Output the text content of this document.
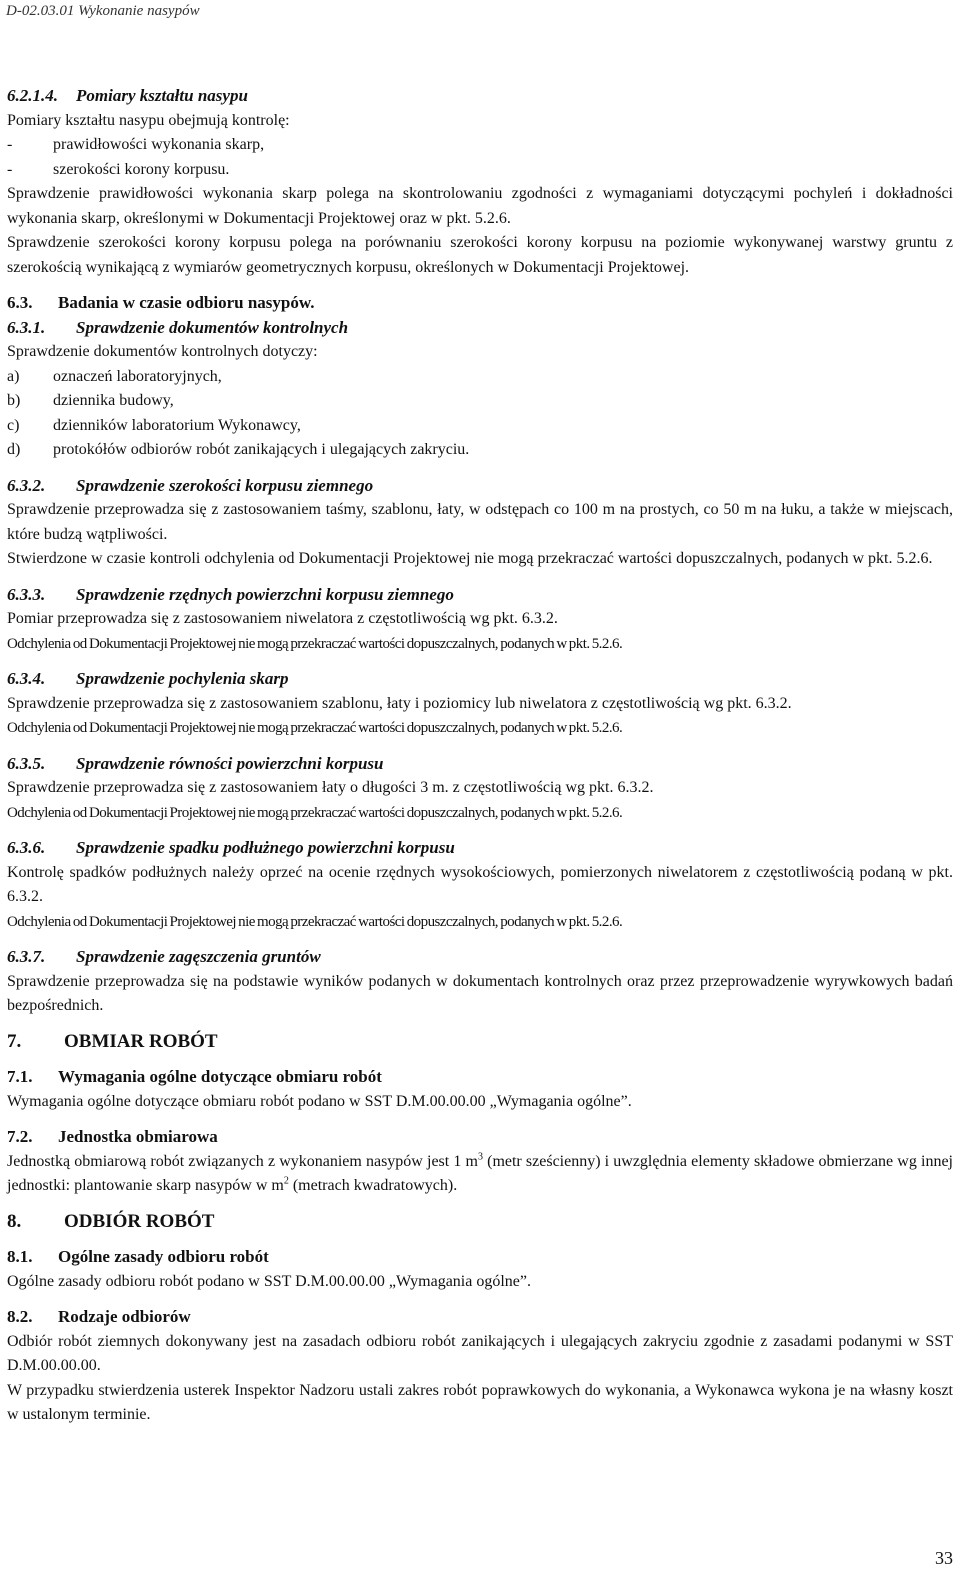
D-02.03.01 Wykonanie nasypów

6.2.1.4. Pomiary kształtu nasypu

Pomiary kształtu nasypu obejmują kontrolę:

-	prawidłowości wykonania skarp,

-	szerokości korony korpusu.

Sprawdzenie prawidłowości wykonania skarp polega na skontrolowaniu zgodności z wymaganiami dotyczącymi pochyleń i dokładności wykonania skarp, określonymi w Dokumentacji Projektowej oraz w pkt. 5.2.6.

Sprawdzenie szerokości korony korpusu polega na porównaniu szerokości korony korpusu na poziomie wykonywanej warstwy gruntu z szerokością wynikającą z wymiarów geometrycznych korpusu, określonych w Dokumentacji Projektowej.

6.3. Badania w czasie odbioru nasypów.

6.3.1. Sprawdzenie dokumentów kontrolnych

Sprawdzenie dokumentów kontrolnych dotyczy:

a) oznaczeń laboratoryjnych,

b) dziennika budowy,

c) dzienników laboratorium Wykonawcy,

d) protokółów odbiorów robót zanikających i ulegających zakryciu.

6.3.2. Sprawdzenie szerokości korpusu ziemnego

Sprawdzenie przeprowadza się z zastosowaniem taśmy, szablonu, łaty, w odstępach co 100 m na prostych, co 50 m na łuku, a także w miejscach, które budzą wątpliwości.

Stwierdzone w czasie kontroli odchylenia od Dokumentacji Projektowej nie mogą przekraczać wartości dopuszczalnych, podanych w pkt. 5.2.6.

6.3.3. Sprawdzenie rzędnych powierzchni korpusu ziemnego

Pomiar przeprowadza się z zastosowaniem niwelatora z częstotliwością wg pkt. 6.3.2.

Odchylenia od Dokumentacji Projektowej nie mogą przekraczać wartości dopuszczalnych, podanych w pkt. 5.2.6.

6.3.4. Sprawdzenie pochylenia skarp

Sprawdzenie przeprowadza się z zastosowaniem szablonu, łaty i poziomicy lub niwelatora z częstotliwością wg pkt. 6.3.2.

Odchylenia od Dokumentacji Projektowej nie mogą przekraczać wartości dopuszczalnych, podanych w pkt. 5.2.6.

6.3.5. Sprawdzenie równości powierzchni korpusu

Sprawdzenie przeprowadza się z zastosowaniem łaty o długości 3 m. z częstotliwością wg pkt. 6.3.2.

Odchylenia od Dokumentacji Projektowej nie mogą przekraczać wartości dopuszczalnych, podanych w pkt. 5.2.6.

6.3.6. Sprawdzenie spadku podłużnego powierzchni korpusu

Kontrolę spadków podłużnych należy oprzeć na ocenie rzędnych wysokościowych, pomierzonych niwelatorem z częstotliwością podaną w pkt. 6.3.2.

Odchylenia od Dokumentacji Projektowej nie mogą przekraczać wartości dopuszczalnych, podanych w pkt. 5.2.6.

6.3.7. Sprawdzenie zagęszczenia gruntów

Sprawdzenie przeprowadza się na podstawie wyników podanych w dokumentach kontrolnych oraz przez przeprowadzenie wyrywkowych badań bezpośrednich.

7. OBMIAR ROBÓT

7.1. Wymagania ogólne dotyczące obmiaru robót

Wymagania ogólne dotyczące obmiaru robót podano w SST D.M.00.00.00 „Wymagania ogólne”.

7.2. Jednostka obmiarowa

Jednostką obmiarową robót związanych z wykonaniem nasypów jest 1 $m^3$ (metr sześcienny) i uwzględnia elementy składowe obmierzane wg innej jednostki: plantowanie skarp nasypów w $m^2$ (metrach kwadratowych).

8. ODBIÓR ROBÓT

8.1. Ogólne zasady odbioru robót

Ogólne zasady odbioru robót podano w SST D.M.00.00.00 „Wymagania ogólne”.

8.2. Rodzaje odbiorów

Odbiór robót ziemnych dokonywany jest na zasadach odbioru robót zanikających i ulegających zakryciu zgodnie z zasadami podanymi w SST D.M.00.00.00.

W przypadku stwierdzenia usterek Inspektor Nadzoru ustali zakres robót poprawkowych do wykonania, a Wykonawca wykona je na własny koszt w ustalonym terminie.

33
